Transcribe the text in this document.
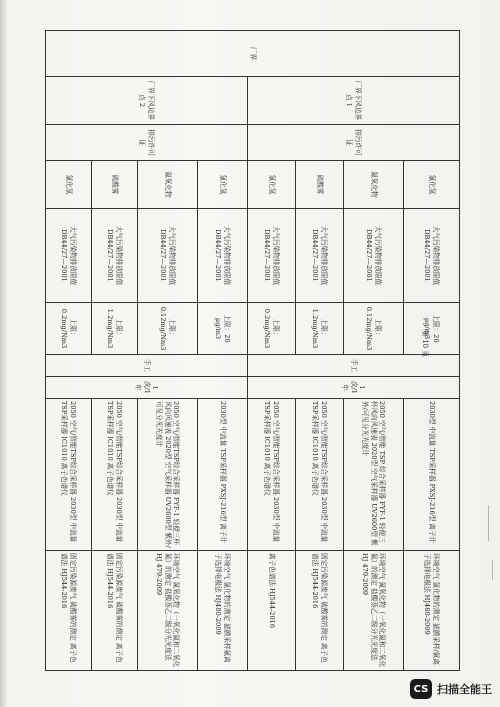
厂界	厂界下风边界点 1	排污许可证	氯化氢	大气污染物排放限值 DB44/27—2001	上限：20 μg/m3	手工	1次/1年	2030型 中流量 TSP采样器 PXSJ-216型 离子计	环境空气 氯化物的测定 滤膜采样/氟离子选择电极法 HJ480-2009
			氮氧化物	大气污染物排放限值 DB44/27—2001	上限：0.12mg/Nm3			2050 空气/智能 TSP 综合采样器 FYF-1 轻便三杯风向风速表 2020型 空气采样器 UV2600型 紫外/可见分光光度计	环境空气 氮氧化物（一氧化氮和二氧化氮）的测定 盐酸萘乙二胺分光光度法 HJ 479-2009
			硫酸雾	大气污染物排放限值 DB44/27—2001	上限：1.2mg/Nm3			2050 空气/智能TSP综合采样器 2030型 中流量 TSP采样器 IC1010 离子色谱仪	固定污染源废气 硫酸雾的测定 离子色谱法 HJ544-2016
			氯化氢	大气污染物排放限值 DB44/27—2001	上限：0.2mg/Nm3			2050 空气/智能TSP综合采样器 2030型 中流量 TSP采样器 IC1010 离子色谱仪	离子色谱法 HJ544-2016
	厂界下风边界点 2	排污许可证	氯化氢	大气污染物排放限值 DB44/27—2001	上限：20 μg/m3	手工	1次/1年	2030型 中流量 TSP采样器 PXSJ-216型 离子计	环境空气 氯化物的测定 滤膜采样氟离子选择电极法 HJ480-2009
			氮氧化物	大气污染物排放限值 DB44/27—2001	上限：0.12mg/Nm3			2050 空气/智能TSP综合采样器 FYF-1 轻便三杯风向风速表 2020型 空气采样器 UV2600型 紫外/可见分光光度计	环境空气 氮氧化物（一氧化氮和二氧化氮）的测定 盐酸萘乙二胺分光光度法 HJ 479-2009
			硫酸雾	大气污染物排放限值 DB44/27—2001	上限：1.2mg/Nm3			2050 空气/智能TSP综合采样器 2030型 中流量 TSP采样器 IC1010 离子色谱仪	固定污染源废气 硫酸雾的测定 离子色谱法 HJ544-2016
			氯化氢	大气污染物排放限值 DB44/27—2001	上限：0.2mg/Nm3			2050 空气/智能TSP综合采样器 2030型 中流量 TSP采样器 IC1010 离子色谱仪	固定污染源废气 硫酸雾的测定 离子色谱法 HJ544-2016
第 10 页
CS 扫描全能王
